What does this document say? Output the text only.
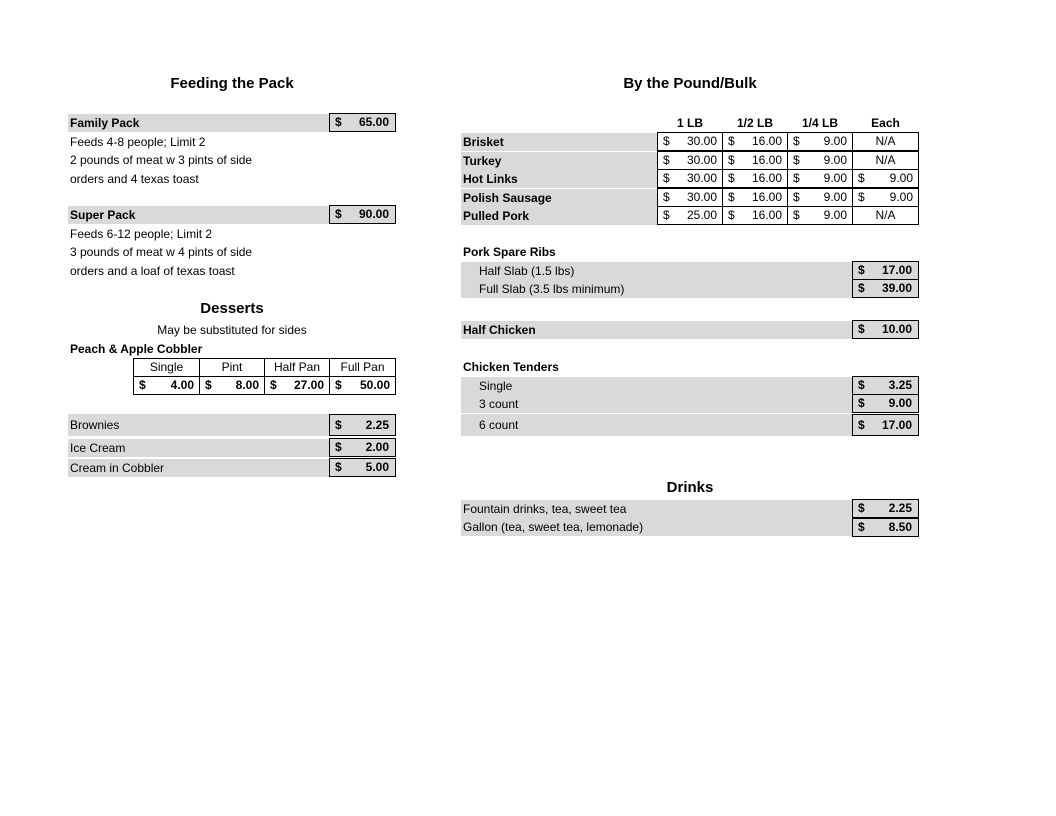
Feeding the Pack
Family Pack	$ 65.00
Feeds 4-8 people; Limit 2
2 pounds of meat w 3 pints of side
orders and 4 texas toast
Super Pack	$ 90.00
Feeds 6-12 people; Limit 2
3 pounds of meat w 4 pints of side
orders and a loaf of texas toast
Desserts
May be substituted for sides
Peach & Apple Cobbler
Single	Pint	Half Pan	Full Pan
$ 4.00 $ 8.00 $ 27.00 $ 50.00
Brownies	$ 2.25
Ice Cream	$ 2.00
Cream in Cobbler	$ 5.00
By the Pound/Bulk
1 LB	1/2 LB	1/4 LB	Each
Brisket	$ 30.00 $ 16.00 $ 9.00	N/A
Turkey	$ 30.00 $ 16.00 $ 9.00	N/A
Hot Links	$ 30.00 $ 16.00 $ 9.00 $ 9.00
Polish Sausage	$ 30.00 $ 16.00 $ 9.00 $ 9.00
Pulled Pork	$ 25.00 $ 16.00 $ 9.00	N/A
Pork Spare Ribs
Half Slab (1.5 lbs)	$ 17.00
Full Slab (3.5 lbs minimum)	$ 39.00
Half Chicken	$ 10.00
Chicken Tenders
Single	$ 3.25
3 count	$ 9.00
6 count	$ 17.00
Drinks
Fountain drinks, tea, sweet tea	$ 2.25
Gallon (tea, sweet tea, lemonade)	$ 8.50
